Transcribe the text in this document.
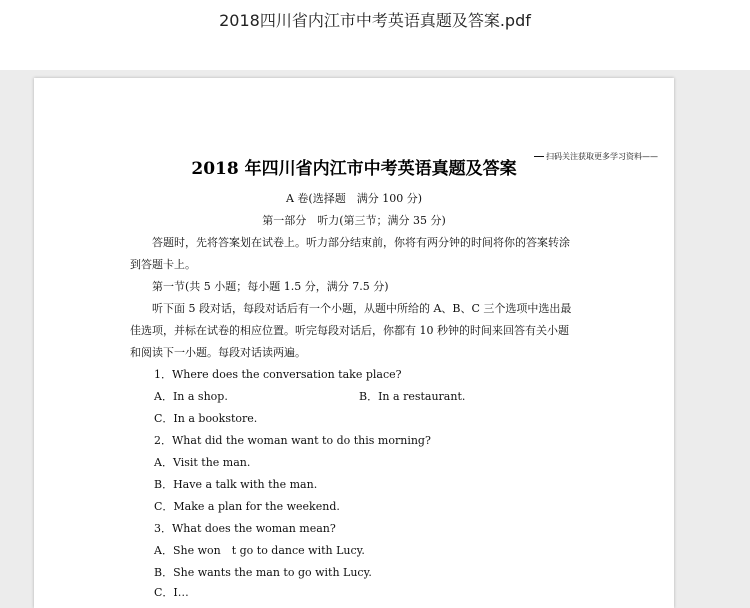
2018四川省内江市中考英语真题及答案.pdf
扫码关注获取更多学习资料——
2018 年四川省内江市中考英语真题及答案
A 卷(选择题　满分 100 分)
第一部分　听力(第三节；满分 35 分)
答题时，先将答案划在试卷上。听力部分结束前，你将有两分钟的时间将你的答案转涂
到答题卡上。
第一节(共 5 小题；每小题 1.5 分，满分 7.5 分)
听下面 5 段对话，每段对话后有一个小题，从题中所给的 A、B、C 三个选项中选出最
佳选项，并标在试卷的相应位置。听完每段对话后，你都有 10 秒钟的时间来回答有关小题
和阅读下一小题。每段对话读两遍。
1．Where does the conversation take place?
A．In a shop.	B．In a restaurant.
C．In a bookstore.
2．What did the woman want to do this morning?
A．Visit the man.
B．Have a talk with the man.
C．Make a plan for the weekend.
3．What does the woman mean?
A．She won　t go to dance with Lucy.
B．She wants the man to go with Lucy.
C．I…
